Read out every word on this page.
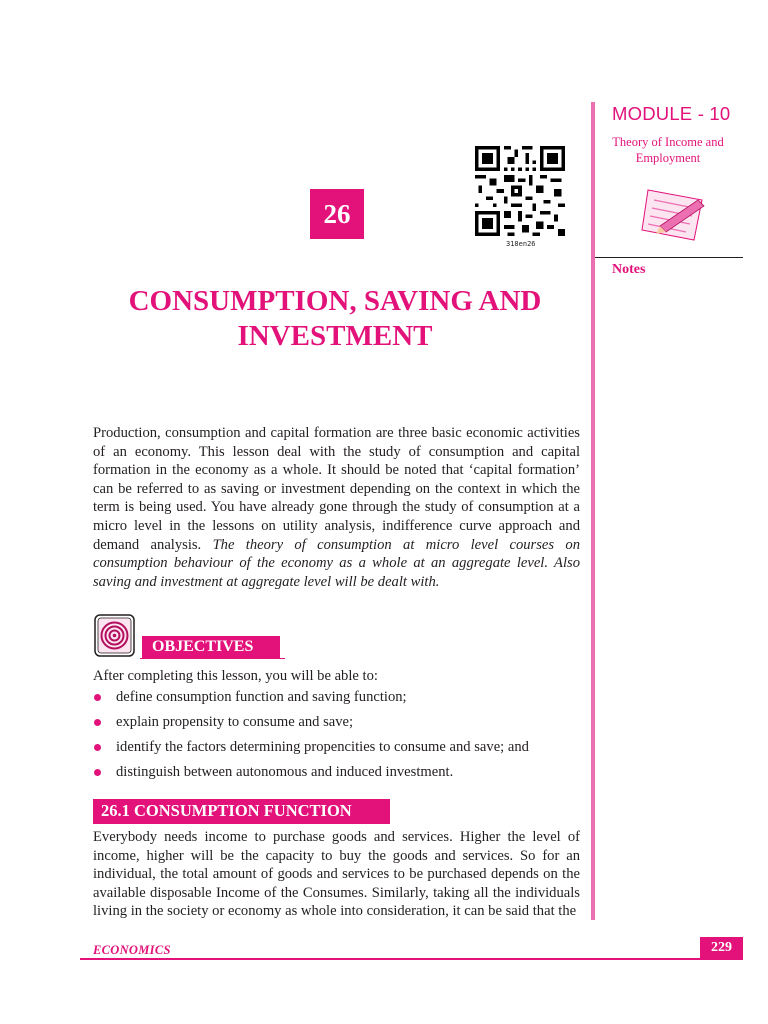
MODULE - 10
Theory of Income and
Employment
Notes
26
318en26
CONSUMPTION, SAVING AND
INVESTMENT
Production, consumption and capital formation are three basic economic activities of an economy. This lesson deal with the study of consumption and capital formation in the economy as a whole. It should be noted that ‘capital formation’ can be referred to as saving or investment depending on the context in which the term is being used. You have already gone through the study of consumption at a micro level in the lessons on utility analysis, indifference curve approach and demand analysis. The theory of consumption at micro level courses on consumption behaviour of the economy as a whole at an aggregate level. Also saving and investment at aggregate level will be dealt with.
OBJECTIVES
After completing this lesson, you will be able to:
define consumption function and saving function;
explain propensity to consume and save;
identify the factors determining propencities to consume and save; and
distinguish between autonomous and induced investment.
26.1 CONSUMPTION FUNCTION
Everybody needs income to purchase goods and services. Higher the level of income, higher will be the capacity to buy the goods and services. So for an individual, the total amount of goods and services to be purchased depends on the available disposable Income of the Consumes. Similarly, taking all the individuals living in the society or economy as whole into consideration, it can be said that the
ECONOMICS	229
